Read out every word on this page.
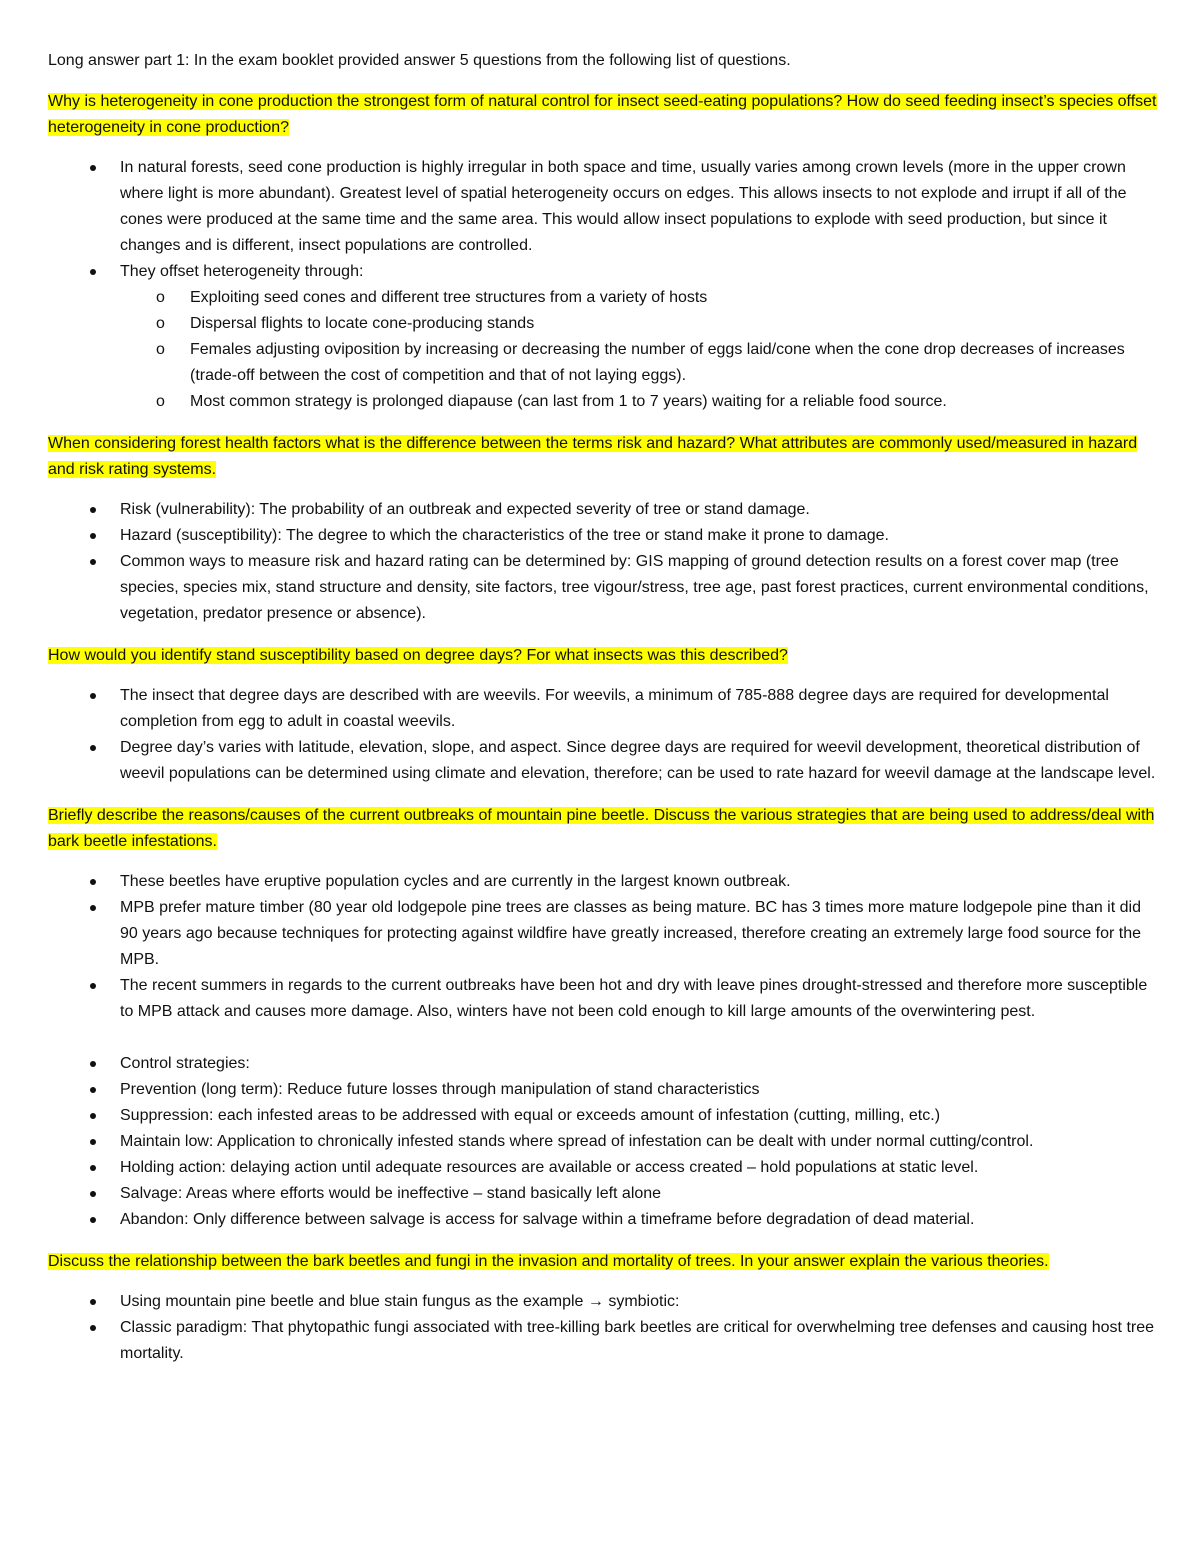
Long answer part 1: In the exam booklet provided answer 5 questions from the following list of questions.

Why is heterogeneity in cone production the strongest form of natural control for insect seed-eating populations? How do seed feeding insect’s species offset heterogeneity in cone production?

In natural forests, seed cone production is highly irregular in both space and time, usually varies among crown levels (more in the upper crown where light is more abundant). Greatest level of spatial heterogeneity occurs on edges. This allows insects to not explode and irrupt if all of the cones were produced at the same time and the same area. This would allow insect populations to explode with seed production, but since it changes and is different, insect populations are controlled.
They offset heterogeneity through:
o Exploiting seed cones and different tree structures from a variety of hosts
o Dispersal flights to locate cone-producing stands
o Females adjusting oviposition by increasing or decreasing the number of eggs laid/cone when the cone drop decreases of increases (trade-off between the cost of competition and that of not laying eggs).
o Most common strategy is prolonged diapause (can last from 1 to 7 years) waiting for a reliable food source.

When considering forest health factors what is the difference between the terms risk and hazard? What attributes are commonly used/measured in hazard and risk rating systems.

Risk (vulnerability): The probability of an outbreak and expected severity of tree or stand damage.
Hazard (susceptibility): The degree to which the characteristics of the tree or stand make it prone to damage.
Common ways to measure risk and hazard rating can be determined by: GIS mapping of ground detection results on a forest cover map (tree species, species mix, stand structure and density, site factors, tree vigour/stress, tree age, past forest practices, current environmental conditions, vegetation, predator presence or absence).

How would you identify stand susceptibility based on degree days? For what insects was this described?

The insect that degree days are described with are weevils. For weevils, a minimum of 785-888 degree days are required for developmental completion from egg to adult in coastal weevils.
Degree day’s varies with latitude, elevation, slope, and aspect. Since degree days are required for weevil development, theoretical distribution of weevil populations can be determined using climate and elevation, therefore; can be used to rate hazard for weevil damage at the landscape level.

Briefly describe the reasons/causes of the current outbreaks of mountain pine beetle. Discuss the various strategies that are being used to address/deal with bark beetle infestations.

These beetles have eruptive population cycles and are currently in the largest known outbreak.
MPB prefer mature timber (80 year old lodgepole pine trees are classes as being mature. BC has 3 times more mature lodgepole pine than it did 90 years ago because techniques for protecting against wildfire have greatly increased, therefore creating an extremely large food source for the MPB.
The recent summers in regards to the current outbreaks have been hot and dry with leave pines drought-stressed and therefore more susceptible to MPB attack and causes more damage. Also, winters have not been cold enough to kill large amounts of the overwintering pest.
Control strategies:
Prevention (long term): Reduce future losses through manipulation of stand characteristics
Suppression: each infested areas to be addressed with equal or exceeds amount of infestation (cutting, milling, etc.)
Maintain low: Application to chronically infested stands where spread of infestation can be dealt with under normal cutting/control.
Holding action: delaying action until adequate resources are available or access created – hold populations at static level.
Salvage: Areas where efforts would be ineffective – stand basically left alone
Abandon: Only difference between salvage is access for salvage within a timeframe before degradation of dead material.

Discuss the relationship between the bark beetles and fungi in the invasion and mortality of trees. In your answer explain the various theories.

Using mountain pine beetle and blue stain fungus as the example → symbiotic:
Classic paradigm: That phytopathic fungi associated with tree-killing bark beetles are critical for overwhelming tree defenses and causing host tree mortality.
